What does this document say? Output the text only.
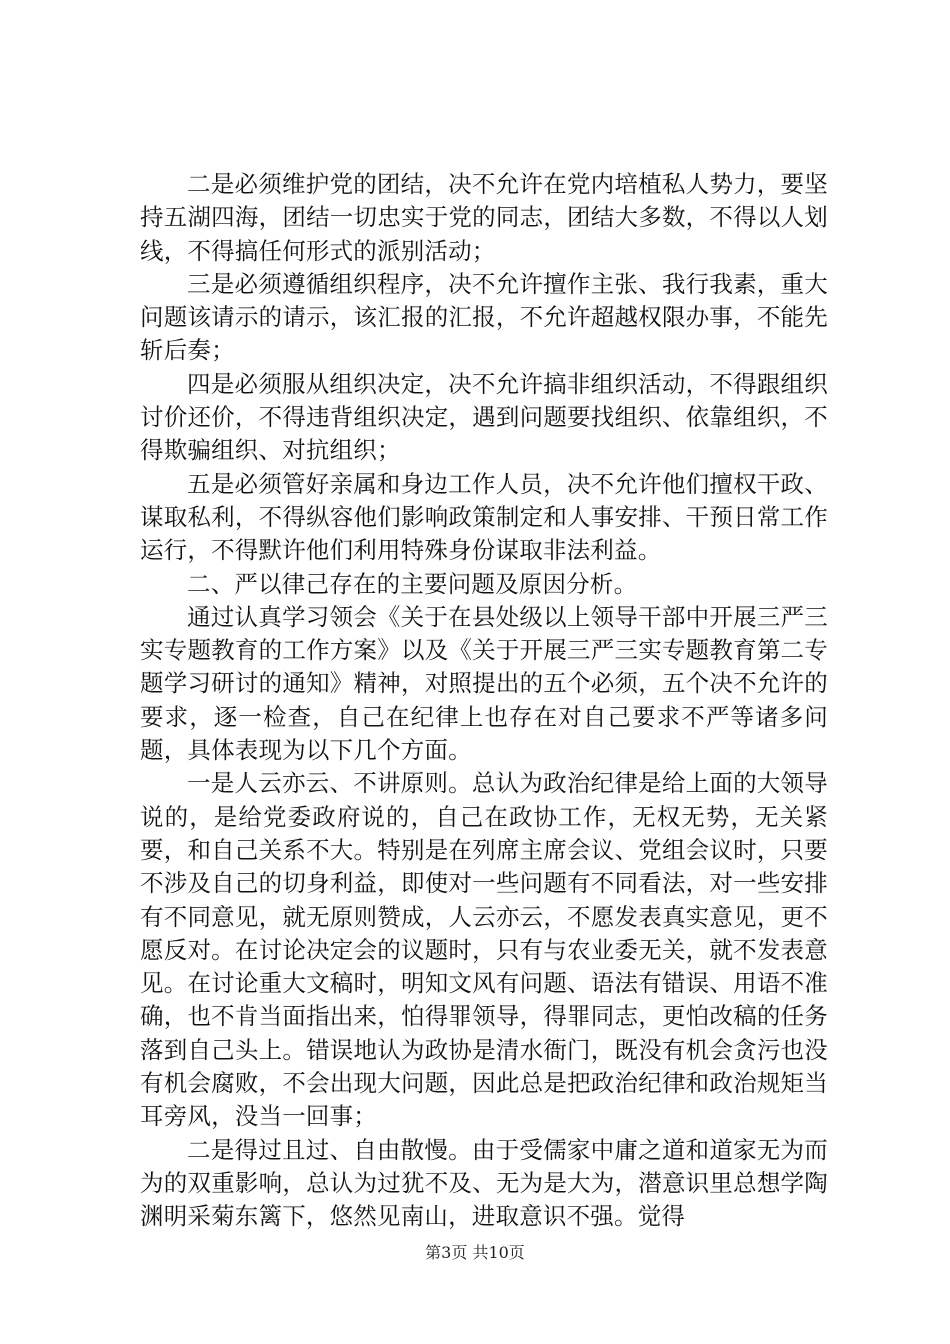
二是必须维护党的团结，决不允许在党内培植私人势力，要坚持五湖四海，团结一切忠实于党的同志，团结大多数，不得以人划线，不得搞任何形式的派别活动；

三是必须遵循组织程序，决不允许擅作主张、我行我素，重大问题该请示的请示，该汇报的汇报，不允许超越权限办事，不能先斩后奏；

四是必须服从组织决定，决不允许搞非组织活动，不得跟组织讨价还价，不得违背组织决定，遇到问题要找组织、依靠组织，不得欺骗组织、对抗组织；

五是必须管好亲属和身边工作人员，决不允许他们擅权干政、谋取私利，不得纵容他们影响政策制定和人事安排、干预日常工作运行，不得默许他们利用特殊身份谋取非法利益。

二、严以律己存在的主要问题及原因分析。

通过认真学习领会《关于在县处级以上领导干部中开展三严三实专题教育的工作方案》以及《关于开展三严三实专题教育第二专题学习研讨的通知》精神，对照提出的五个必须，五个决不允许的要求，逐一检查，自己在纪律上也存在对自己要求不严等诸多问题，具体表现为以下几个方面。

一是人云亦云、不讲原则。总认为政治纪律是给上面的大领导说的，是给党委政府说的，自己在政协工作，无权无势，无关紧要，和自己关系不大。特别是在列席主席会议、党组会议时，只要不涉及自己的切身利益，即使对一些问题有不同看法，对一些安排有不同意见，就无原则赞成，人云亦云，不愿发表真实意见，更不愿反对。在讨论决定会的议题时，只有与农业委无关，就不发表意见。在讨论重大文稿时，明知文风有问题、语法有错误、用语不准确，也不肯当面指出来，怕得罪领导，得罪同志，更怕改稿的任务落到自己头上。错误地认为政协是清水衙门，既没有机会贪污也没有机会腐败，不会出现大问题，因此总是把政治纪律和政治规矩当耳旁风，没当一回事；

二是得过且过、自由散慢。由于受儒家中庸之道和道家无为而为的双重影响，总认为过犹不及、无为是大为，潜意识里总想学陶渊明采菊东篱下，悠然见南山，进取意识不强。觉得

第3页 共10页
